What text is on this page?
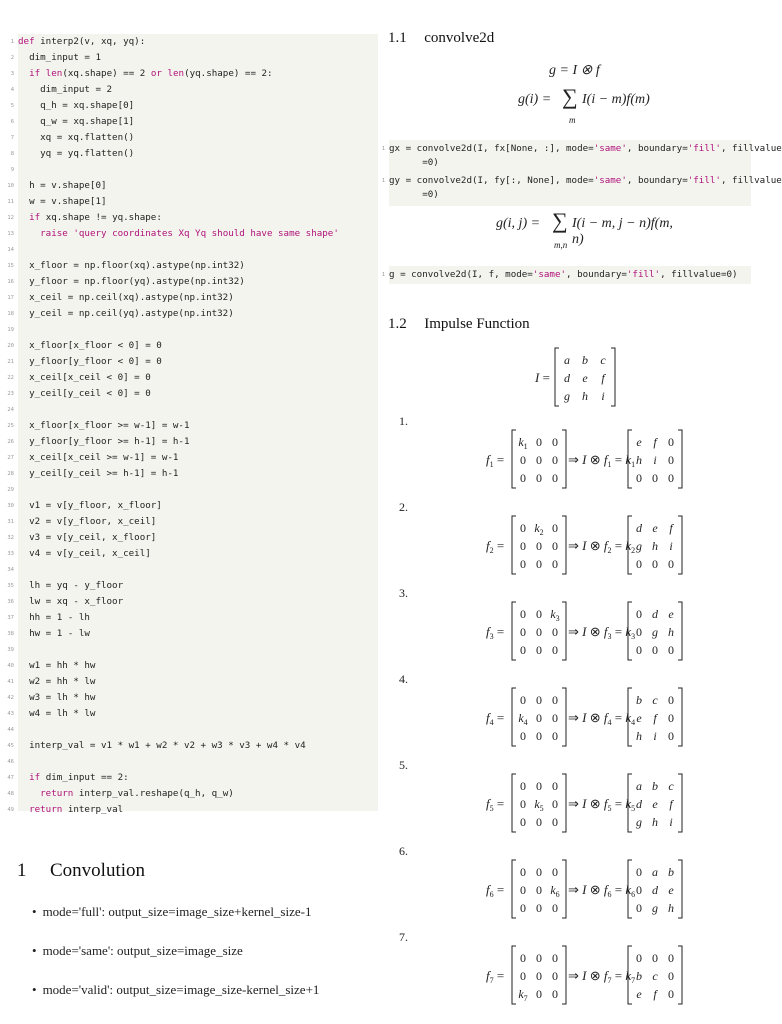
1 def interp2(v, xq, yq):
2 dim_input = 1
3 if len(xq.shape) == 2 or len(yq.shape) == 2:
4 dim_input = 2
5 q_h = xq.shape[0]
6 q_w = xq.shape[1]
7 xq = xq.flatten()
8 yq = yq.flatten()
9
10 h = v.shape[0]
11 w = v.shape[1]
12 if xq.shape != yq.shape:
13	raise 'query coordinates Xq Yq should have same shape'
14
15 x_floor = np.floor(xq).astype(np.int32)
16 y_floor = np.floor(yq).astype(np.int32)
17 x_ceil = np.ceil(xq).astype(np.int32)
18 y_ceil = np.ceil(yq).astype(np.int32)
19
20 x_floor[x_floor < 0] = 0
21 y_floor[y_floor < 0] = 0
22 x_ceil[x_ceil < 0] = 0
23 y_ceil[y_ceil < 0] = 0
24
25 x_floor[x_floor >= w-1] = w-1
26 y_floor[y_floor >= h-1] = h-1
27 x_ceil[x_ceil >= w-1] = w-1
28 y_ceil[y_ceil >= h-1] = h-1
29
30 v1 = v[y_floor, x_floor]
31 v2 = v[y_floor, x_ceil]
32 v3 = v[y_ceil, x_floor]
33 v4 = v[y_ceil, x_ceil]
34
35 lh = yq - y_floor
36 lw = xq - x_floor
37 hh = 1 - lh
38 hw = 1 - lw
39
40 w1 = hh * hw
41 w2 = hh * lw
42 w3 = lh * hw
43 w4 = lh * lw
44
45 interp_val = v1 * w1 + w2 * v2 + w3 * v3 + w4 * v4
46
47 if dim_input == 2:
48	return interp_val.reshape(q_h, q_w)
49 return interp_val
1 Convolution
• mode='full': output_size=image_size+kernel_size-1
• mode='same': output_size=image_size
• mode='valid': output_size=image_size-kernel_size+1
1.1 convolve2d
g = I ⊗ f
g(i) = ∑
m
I(i − m)f(m)
1 gx = convolve2d(I, fx[None, :], mode='same', boundary='fill', fillvalue
=0)
1 gy = convolve2d(I, fy[:, None], mode='same', boundary='fill', fillvalue
=0)
g(i, j) = ∑
m,n
I(i − m, j − n)f(m, n)
1 g = convolve2d(I, f, mode='same', boundary='fill', fillvalue=0)
1.2 Impulse Function
I =
a b c
d e f
g h i
1.
$f_1$ =
$k_1$ 0 0
0 0 0
0 0 0
⇒ I ⊗ $f_1 = k_1$
e f 0
h i 0
0 0 0
2.
$f_2$ =
0 $k_2$ 0
0 0 0
0 0 0
⇒ I ⊗ $f_2 = k_2$
d e f
g h i
0 0 0
3.
$f_3$ =
0 0 $k_3$
0 0 0
0 0 0
⇒ I ⊗ $f_3 = k_3$
0 d e
0 g h
0 0 0
4.
$f_4$ =
0 0 0
$k_4$ 0 0
0 0 0
⇒ I ⊗ $f_4 = k_4$
b c 0
e f 0
h i 0
5.
$f_5$ =
0 0 0
0 $k_5$ 0
0 0 0
⇒ I ⊗ $f_5 = k_5$
a b c
d e f
g h i
6.
$f_6$ =
0 0 0
0 0 $k_6$
0 0 0
⇒ I ⊗ $f_6 = k_6$
0 a b
0 d e
0 g h
7.
$f_7$ =
0 0 0
0 0 0
$k_7$ 0 0
⇒ I ⊗ $f_7 = k_7$
0 0 0
b c 0
e f 0
